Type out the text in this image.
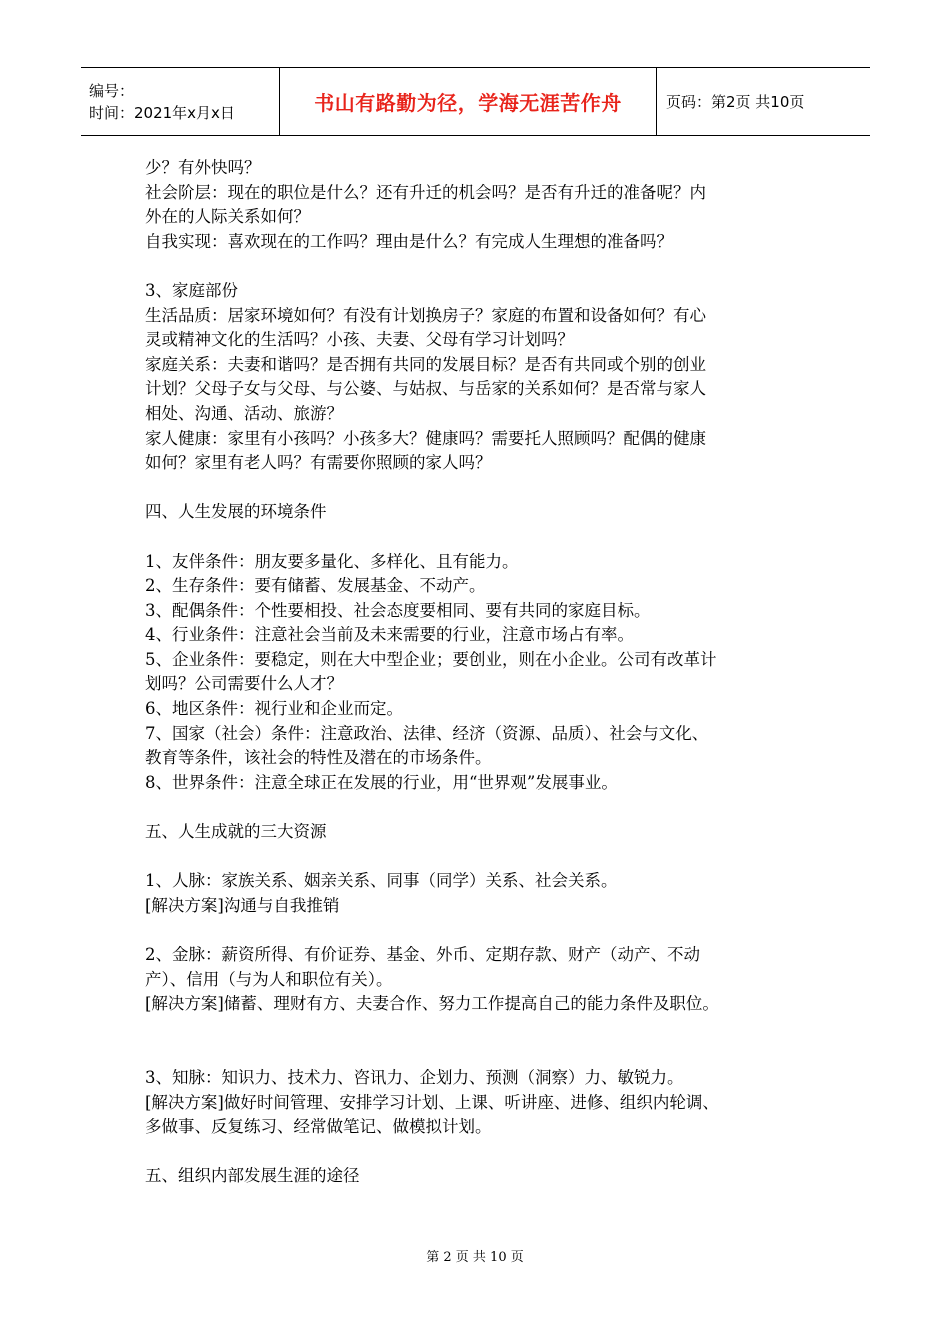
编号：
时间：2021年x月x日	书山有路勤为径，学海无涯苦作舟	页码：第2页 共10页

少？有外快吗？

社会阶层：现在的职位是什么？还有升迁的机会吗？是否有升迁的准备呢？内

外在的人际关系如何？

自我实现：喜欢现在的工作吗？理由是什么？有完成人生理想的准备吗？

3、家庭部份

生活品质：居家环境如何？有没有计划换房子？家庭的布置和设备如何？有心

灵或精神文化的生活吗？小孩、夫妻、父母有学习计划吗？

家庭关系：夫妻和谐吗？是否拥有共同的发展目标？是否有共同或个别的创业

计划？父母子女与父母、与公婆、与姑叔、与岳家的关系如何？是否常与家人

相处、沟通、活动、旅游？

家人健康：家里有小孩吗？小孩多大？健康吗？需要托人照顾吗？配偶的健康

如何？家里有老人吗？有需要你照顾的家人吗？

四、人生发展的环境条件

1、友伴条件：朋友要多量化、多样化、且有能力。

2、生存条件：要有储蓄、发展基金、不动产。

3、配偶条件：个性要相投、社会态度要相同、要有共同的家庭目标。

4、行业条件：注意社会当前及未来需要的行业，注意市场占有率。

5、企业条件：要稳定，则在大中型企业；要创业，则在小企业。公司有改革计

划吗？公司需要什么人才？

6、地区条件：视行业和企业而定。

7、国家（社会）条件：注意政治、法律、经济（资源、品质）、社会与文化、

教育等条件，该社会的特性及潜在的市场条件。

8、世界条件：注意全球正在发展的行业，用“世界观”发展事业。

五、人生成就的三大资源

1、人脉：家族关系、姻亲关系、同事（同学）关系、社会关系。

[解决方案]沟通与自我推销

2、金脉：薪资所得、有价证券、基金、外币、定期存款、财产（动产、不动

产）、信用（与为人和职位有关）。

[解决方案]储蓄、理财有方、夫妻合作、努力工作提高自己的能力条件及职位。

3、知脉：知识力、技术力、咨讯力、企划力、预测（洞察）力、敏锐力。

[解决方案]做好时间管理、安排学习计划、上课、听讲座、进修、组织内轮调、

多做事、反复练习、经常做笔记、做模拟计划。

五、组织内部发展生涯的途径

第 2 页 共 10 页
